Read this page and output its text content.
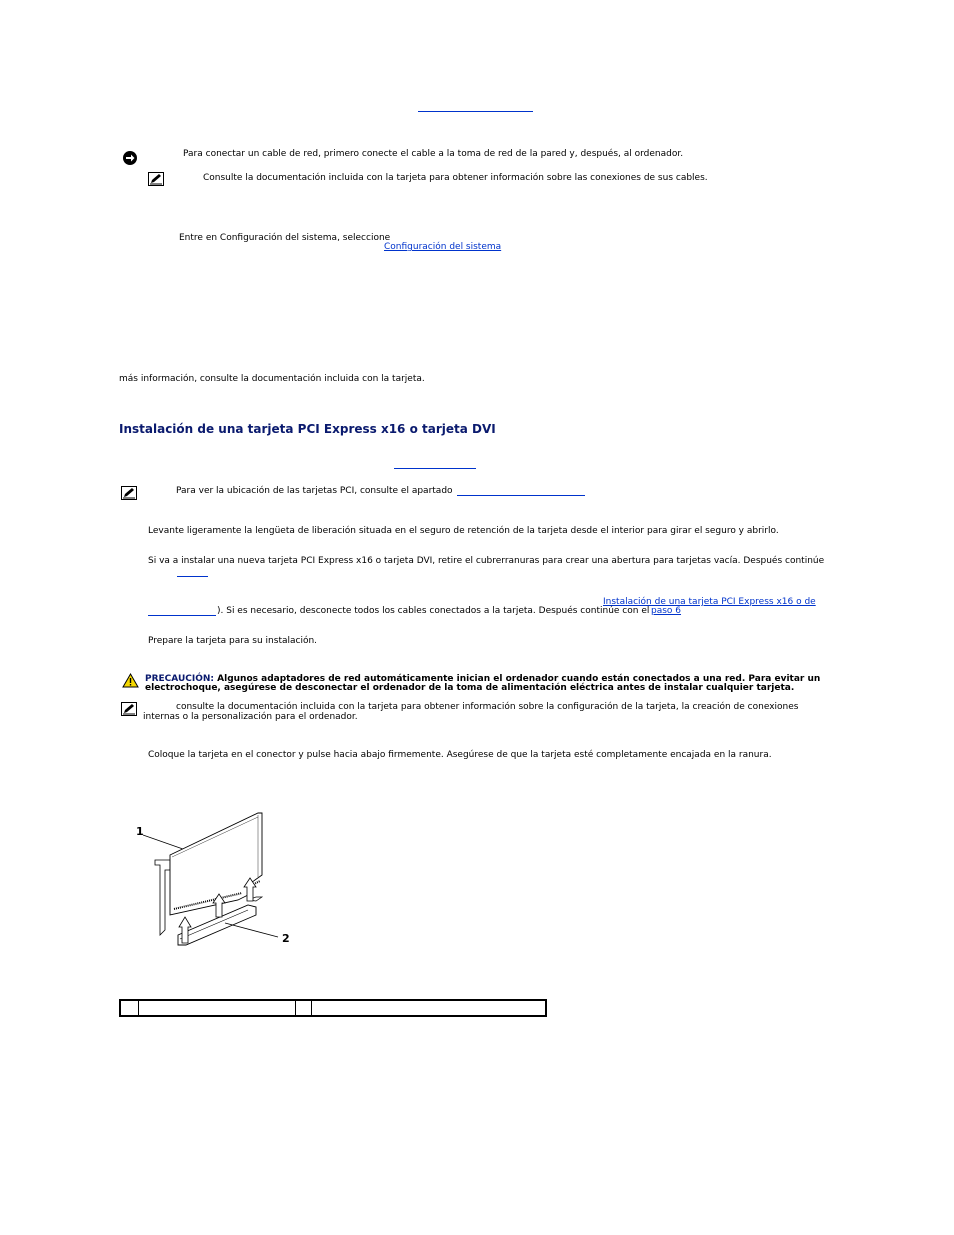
Para conectar un cable de red, primero conecte el cable a la toma de red de la pared y, después, al ordenador.
Consulte la documentación incluida con la tarjeta para obtener información sobre las conexiones de sus cables.
Entre en Configuración del sistema, seleccione
Configuración del sistema
más información, consulte la documentación incluida con la tarjeta.
Instalación de una tarjeta PCI Express x16 o tarjeta DVI
Para ver la ubicación de las tarjetas PCI, consulte el apartado
Levante ligeramente la lengüeta de liberación situada en el seguro de retención de la tarjeta desde el interior para girar el seguro y abrirlo.
Si va a instalar una nueva tarjeta PCI Express x16 o tarjeta DVI, retire el cubrerranuras para crear una abertura para tarjetas vacía. Después continúe
Instalación de una tarjeta PCI Express x16 o de
). Si es necesario, desconecte todos los cables conectados a la tarjeta. Después continúe con el paso 6
Prepare la tarjeta para su instalación.
PRECAUCIÓN: Algunos adaptadores de red automáticamente inician el ordenador cuando están conectados a una red. Para evitar un
electrochoque, asegúrese de desconectar el ordenador de la toma de alimentación eléctrica antes de instalar cualquier tarjeta.
consulte la documentación incluida con la tarjeta para obtener información sobre la configuración de la tarjeta, la creación de conexiones
internas o la personalización para el ordenador.
Coloque la tarjeta en el conector y pulse hacia abajo firmemente. Asegúrese de que la tarjeta esté completamente encajada en la ranura.
1
2
